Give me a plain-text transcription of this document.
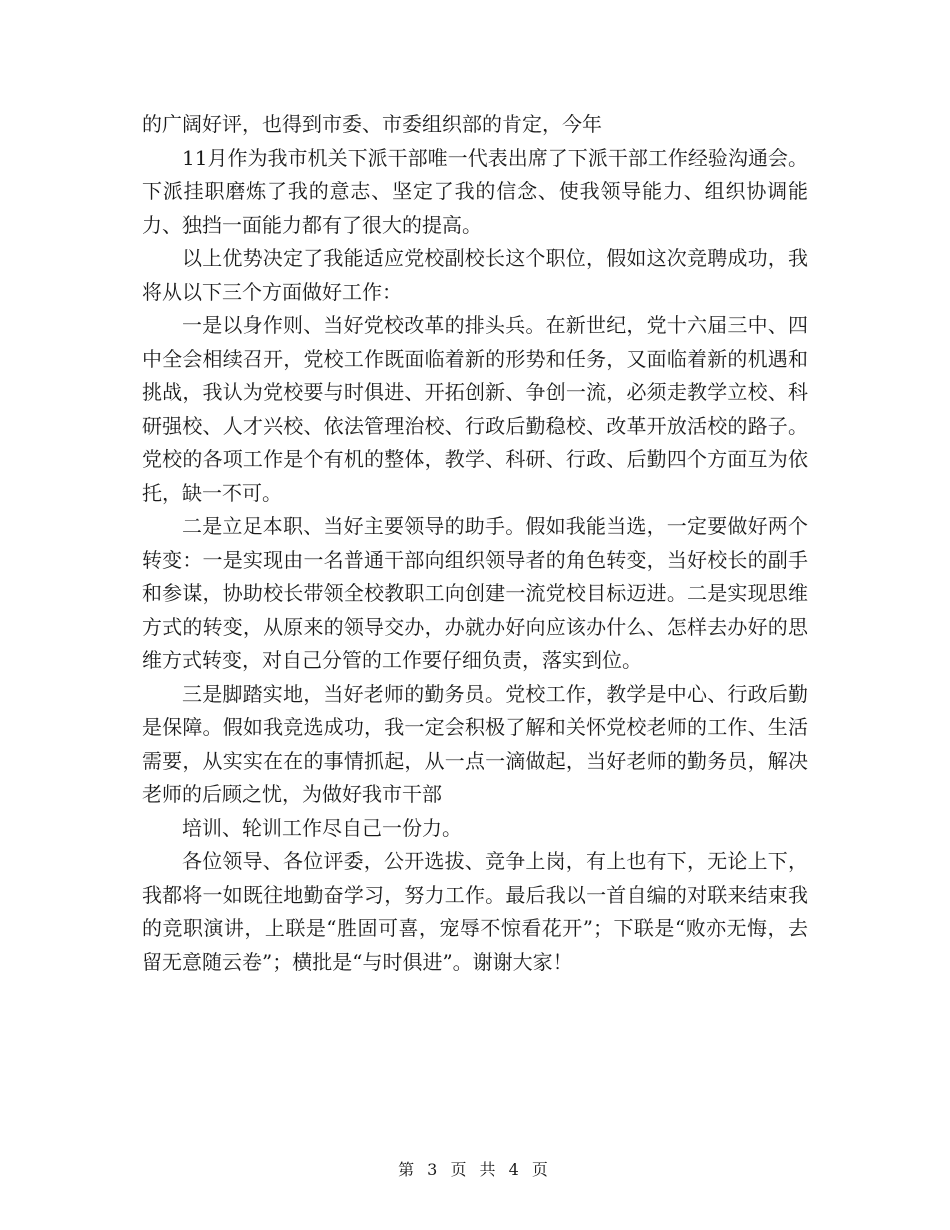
的广阔好评，也得到市委、市委组织部的肯定，今年

11月作为我市机关下派干部唯一代表出席了下派干部工作经验沟通会。下派挂职磨炼了我的意志、坚定了我的信念、使我领导能力、组织协调能力、独挡一面能力都有了很大的提高。

以上优势决定了我能适应党校副校长这个职位，假如这次竞聘成功，我将从以下三个方面做好工作：

一是以身作则、当好党校改革的排头兵。在新世纪，党十六届三中、四中全会相续召开，党校工作既面临着新的形势和任务，又面临着新的机遇和挑战，我认为党校要与时俱进、开拓创新、争创一流，必须走教学立校、科研强校、人才兴校、依法管理治校、行政后勤稳校、改革开放活校的路子。党校的各项工作是个有机的整体，教学、科研、行政、后勤四个方面互为依托，缺一不可。

二是立足本职、当好主要领导的助手。假如我能当选，一定要做好两个转变：一是实现由一名普通干部向组织领导者的角色转变，当好校长的副手和参谋，协助校长带领全校教职工向创建一流党校目标迈进。二是实现思维方式的转变，从原来的领导交办，办就办好向应该办什么、怎样去办好的思维方式转变，对自己分管的工作要仔细负责，落实到位。

三是脚踏实地，当好老师的勤务员。党校工作，教学是中心、行政后勤是保障。假如我竞选成功，我一定会积极了解和关怀党校老师的工作、生活需要，从实实在在的事情抓起，从一点一滴做起，当好老师的勤务员，解决老师的后顾之忧，为做好我市干部

培训、轮训工作尽自己一份力。

各位领导、各位评委，公开选拔、竞争上岗，有上也有下，无论上下，我都将一如既往地勤奋学习，努力工作。最后我以一首自编的对联来结束我的竞职演讲，上联是“胜固可喜，宠辱不惊看花开”；下联是“败亦无悔，去留无意随云卷”；横批是“与时俱进”。谢谢大家！

第 3 页 共 4 页
